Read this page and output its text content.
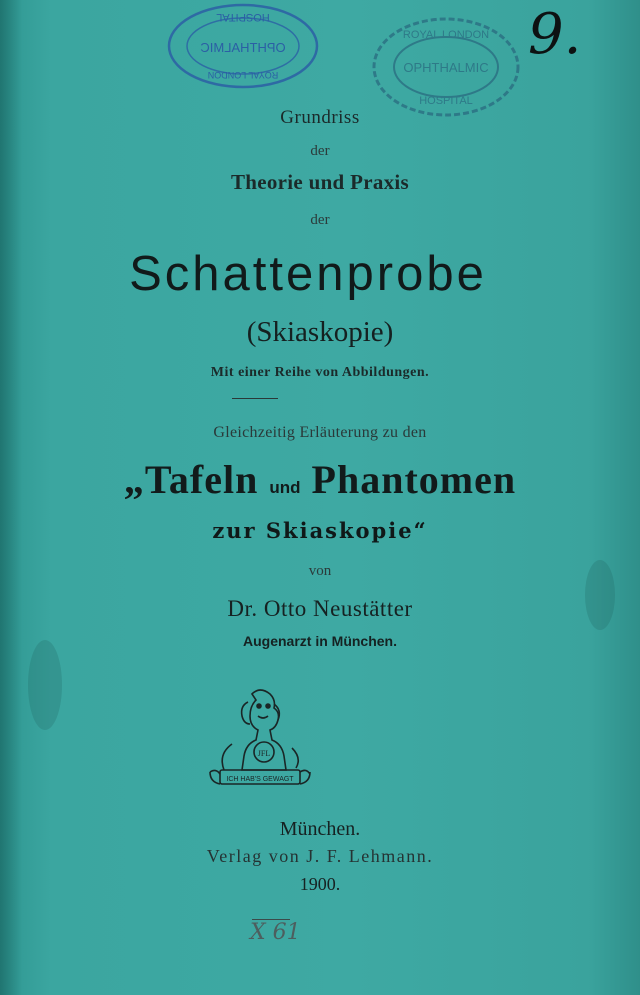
HOSPITAL
OPHTHALMIC
ROYAL LONDON
ROYAL LONDON
OPHTHALMIC
HOSPITAL
9.
Grundriss
der
Theorie und Praxis
der
Schattenprobe
(Skiaskopie)
Mit einer Reihe von Abbildungen.
Gleichzeitig Erläuterung zu den
„Tafeln und Phantomen
zur Skiaskopie“
von
Dr. Otto Neustätter
Augenarzt in München.
JFL
ICH HAB'S GEWAGT
München.
Verlag von J. F. Lehmann.
1900.
X 61
